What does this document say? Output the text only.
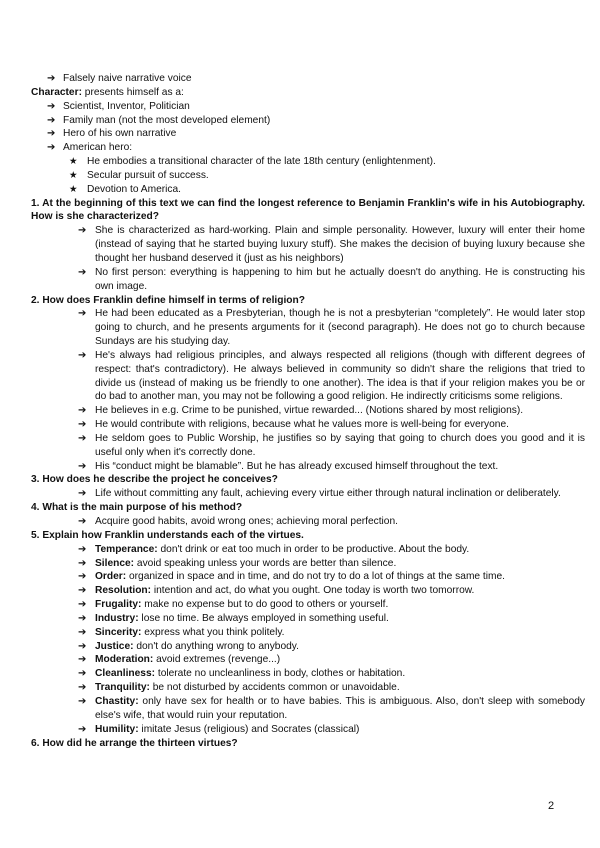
➔ Falsely naive narrative voice
Character: presents himself as a:
➔ Scientist, Inventor, Politician
➔ Family man (not the most developed element)
➔ Hero of his own narrative
➔ American hero:
★ He embodies a transitional character of the late 18th century (enlightenment).
★ Secular pursuit of success.
★ Devotion to America.
1. At the beginning of this text we can find the longest reference to Benjamin Franklin's wife in his Autobiography. How is she characterized?
➔ She is characterized as hard-working. Plain and simple personality. However, luxury will enter their home (instead of saying that he started buying luxury stuff). She makes the decision of buying luxury because she thought her husband deserved it (just as his neighbors)
➔ No first person: everything is happening to him but he actually doesn't do anything. He is constructing his own image.
2. How does Franklin define himself in terms of religion?
➔ He had been educated as a Presbyterian, though he is not a presbyterian “completely”. He would later stop going to church, and he presents arguments for it (second paragraph). He does not go to church because Sundays are his studying day.
➔ He's always had religious principles, and always respected all religions (though with different degrees of respect: that's contradictory). He always believed in community so didn't share the religions that tried to divide us (instead of making us be friendly to one another). The idea is that if your religion makes you be or do bad to another man, you may not be following a good religion. He indirectly criticisms some religions.
➔ He believes in e.g. Crime to be punished, virtue rewarded... (Notions shared by most religions).
➔ He would contribute with religions, because what he values more is well-being for everyone.
➔ He seldom goes to Public Worship, he justifies so by saying that going to church does you good and it is useful only when it's correctly done.
➔ His “conduct might be blamable”. But he has already excused himself throughout the text.
3. How does he describe the project he conceives?
➔ Life without committing any fault, achieving every virtue either through natural inclination or deliberately.
4. What is the main purpose of his method?
➔ Acquire good habits, avoid wrong ones; achieving moral perfection.
5. Explain how Franklin understands each of the virtues.
➔ Temperance: don't drink or eat too much in order to be productive. About the body.
➔ Silence: avoid speaking unless your words are better than silence.
➔ Order: organized in space and in time, and do not try to do a lot of things at the same time.
➔ Resolution: intention and act, do what you ought. One today is worth two tomorrow.
➔ Frugality: make no expense but to do good to others or yourself.
➔ Industry: lose no time. Be always employed in something useful.
➔ Sincerity: express what you think politely.
➔ Justice: don't do anything wrong to anybody.
➔ Moderation: avoid extremes (revenge...)
➔ Cleanliness: tolerate no uncleanliness in body, clothes or habitation.
➔ Tranquility: be not disturbed by accidents common or unavoidable.
➔ Chastity: only have sex for health or to have babies. This is ambiguous. Also, don't sleep with somebody else's wife, that would ruin your reputation.
➔ Humility: imitate Jesus (religious) and Socrates (classical)
6. How did he arrange the thirteen virtues?
2
